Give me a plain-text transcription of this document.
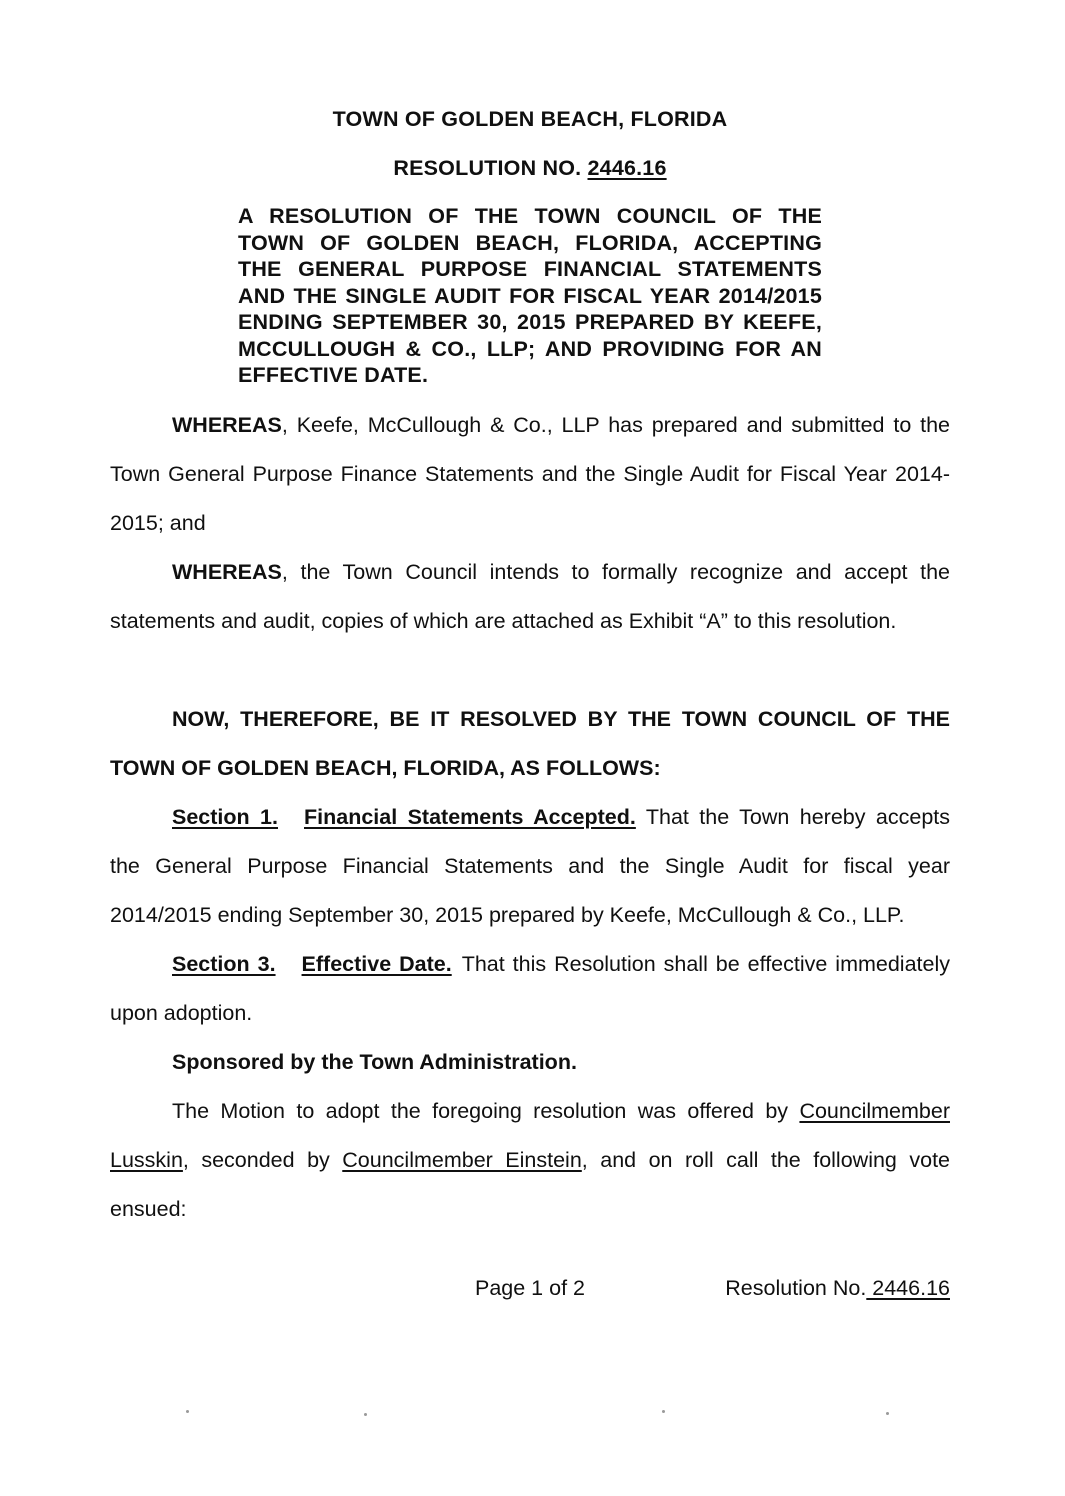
TOWN OF GOLDEN BEACH, FLORIDA
RESOLUTION NO. 2446.16

A RESOLUTION OF THE TOWN COUNCIL OF THE TOWN OF GOLDEN BEACH, FLORIDA, ACCEPTING THE GENERAL PURPOSE FINANCIAL STATEMENTS AND THE SINGLE AUDIT FOR FISCAL YEAR 2014/2015 ENDING SEPTEMBER 30, 2015 PREPARED BY KEEFE, MCCULLOUGH & CO., LLP; AND PROVIDING FOR AN EFFECTIVE DATE.

WHEREAS, Keefe, McCullough & Co., LLP has prepared and submitted to the Town General Purpose Finance Statements and the Single Audit for Fiscal Year 2014-2015; and

WHEREAS, the Town Council intends to formally recognize and accept the statements and audit, copies of which are attached as Exhibit “A” to this resolution.

NOW, THEREFORE, BE IT RESOLVED BY THE TOWN COUNCIL OF THE TOWN OF GOLDEN BEACH, FLORIDA, AS FOLLOWS:

Section 1. Financial Statements Accepted. That the Town hereby accepts the General Purpose Financial Statements and the Single Audit for fiscal year 2014/2015 ending September 30, 2015 prepared by Keefe, McCullough & Co., LLP.

Section 3. Effective Date. That this Resolution shall be effective immediately upon adoption.

Sponsored by the Town Administration.

The Motion to adopt the foregoing resolution was offered by Councilmember Lusskin, seconded by Councilmember Einstein, and on roll call the following vote ensued:

Page 1 of 2	Resolution No. 2446.16
